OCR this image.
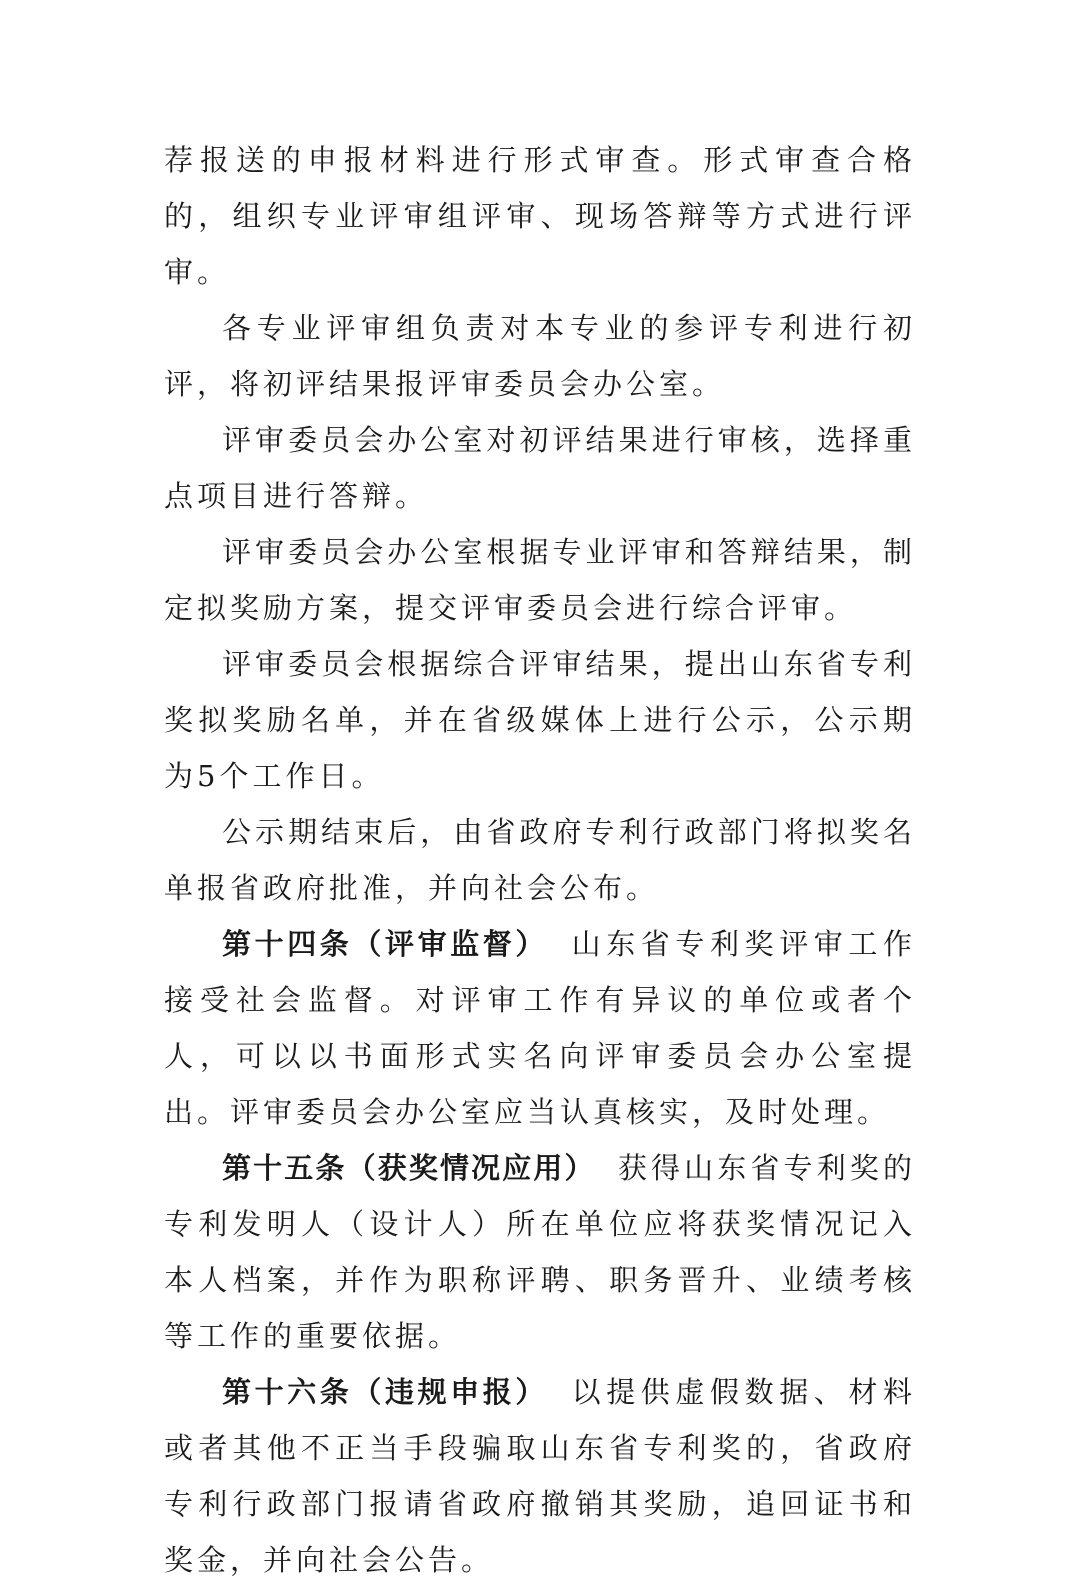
荐报送的申报材料进行形式审查。形式审查合格的，组织专业评审组评审、现场答辩等方式进行评审。

各专业评审组负责对本专业的参评专利进行初评，将初评结果报评审委员会办公室。

评审委员会办公室对初评结果进行审核，选择重点项目进行答辩。

评审委员会办公室根据专业评审和答辩结果，制定拟奖励方案，提交评审委员会进行综合评审。

评审委员会根据综合评审结果，提出山东省专利奖拟奖励名单，并在省级媒体上进行公示，公示期为5个工作日。

公示期结束后，由省政府专利行政部门将拟奖名单报省政府批准，并向社会公布。

第十四条（评审监督） 山东省专利奖评审工作接受社会监督。对评审工作有异议的单位或者个人，可以以书面形式实名向评审委员会办公室提出。评审委员会办公室应当认真核实，及时处理。

第十五条（获奖情况应用） 获得山东省专利奖的专利发明人（设计人）所在单位应将获奖情况记入本人档案，并作为职称评聘、职务晋升、业绩考核等工作的重要依据。

第十六条（违规申报） 以提供虚假数据、材料或者其他不正当手段骗取山东省专利奖的，省政府专利行政部门报请省政府撤销其奖励，追回证书和奖金，并向社会公告。
